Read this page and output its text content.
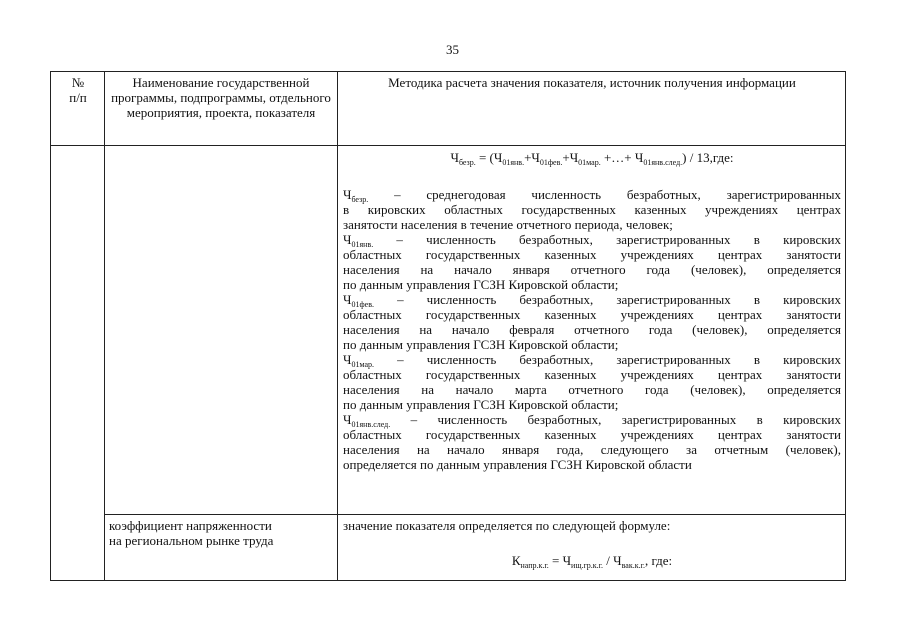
35
№
п/п
Наименование государственной программы, подпрограммы, отдельного мероприятия, проекта, показателя
Методика расчета значения показателя, источник получения информации
$Ч_{безр.} = (Ч_{01янв.}+Ч_{01фев.}+Ч_{01мар.}$ +…+ $Ч_{01янв.след.}) / 13,где$:
$Ч_{безр.}$ – среднегодовая численность безработных, зарегистрированных
в кировских областных государственных казенных учреждениях центрах
занятости населения в течение отчетного периода, человек;
$Ч_{01янв.}$ – численность безработных, зарегистрированных в кировских
областных государственных казенных учреждениях центрах занятости
населения на начало января отчетного года (человек), определяется
по данным управления ГСЗН Кировской области;
$Ч_{01фев.}$ – численность безработных, зарегистрированных в кировских
областных государственных казенных учреждениях центрах занятости
населения на начало февраля отчетного года (человек), определяется
по данным управления ГСЗН Кировской области;
$Ч_{01мар.}$ – численность безработных, зарегистрированных в кировских
областных государственных казенных учреждениях центрах занятости
населения на начало марта отчетного года (человек), определяется
по данным управления ГСЗН Кировской области;
$Ч_{01янв.след.}$ – численность безработных, зарегистрированных в кировских
областных государственных казенных учреждениях центрах занятости
населения на начало января года, следующего за отчетным (человек),
определяется по данным управления ГСЗН Кировской области
коэффициент напряженности
на региональном рынке труда
значение показателя определяется по следующей формуле:
$К_{напр.к.г.} = Ч_{ищ.гр.к.г.} / Ч_{вак.к.г.}$, где:
